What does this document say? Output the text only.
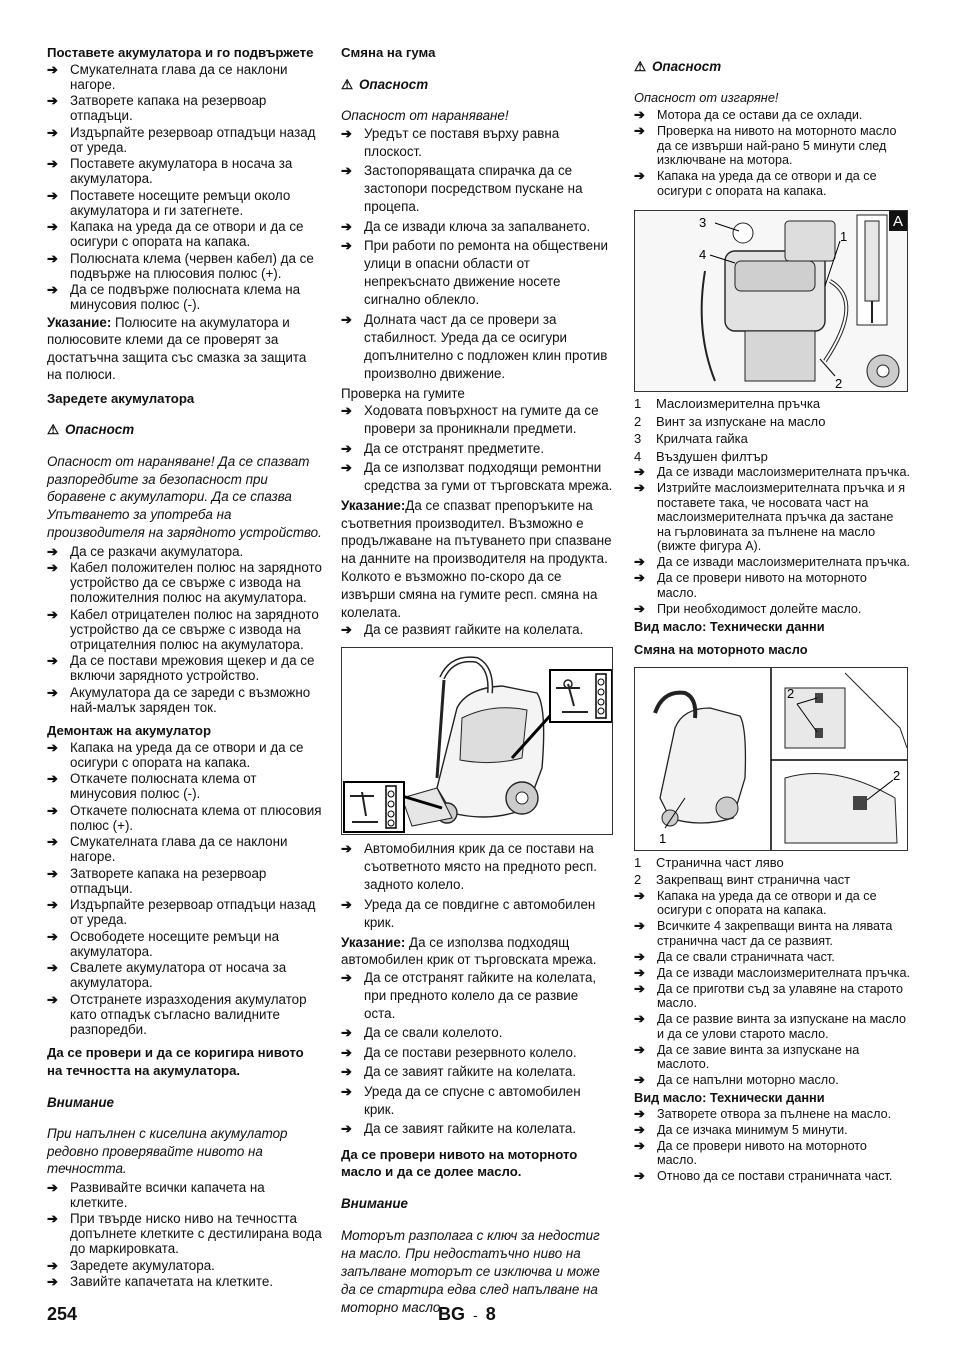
Поставете акумулатора и го подвържете

➔ Смукателната глава да се наклони нагоре.
➔ Затворете капака на резервоар отпадъци.
➔ Издърпайте резервоар отпадъци назад от уреда.
➔ Поставете акумулатора в носача за акумулатора.
➔ Поставете носещите ремъци около акумулатора и ги затегнете.
➔ Капака на уреда да се отвори и да се осигури с опората на капака.
➔ Полюсната клема (червен кабел) да се подвърже на плюсовия полюс (+).
➔ Да се подвърже полюсната клема на минусовия полюс (-).

Указание: Полюсите на акумулатора и полюсовите клеми да се проверят за достатъчна защита със смазка за защита на полюси.

Заредете акумулатора

⚠ Опасност

Опасност от нараняване! Да се спазват разпоредбите за безопасност при боравене с акумулатори. Да се спазва Упътването за употреба на производителя на зарядното устройство.

➔ Да се разкачи акумулатора.
➔ Кабел положителен полюс на зарядното устройство да се свърже с извода на положителния полюс на акумулатора.
➔ Кабел отрицателен полюс на зарядното устройство да се свърже с извода на отрицателния полюс на акумулатора.
➔ Да се постави мрежовия щекер и да се включи зарядното устройство.
➔ Акумулатора да се зареди с възможно най-малък заряден ток.

Демонтаж на акумулатор

➔ Капака на уреда да се отвори и да се осигури с опората на капака.
➔ Откачете полюсната клема от минусовия полюс (-).
➔ Откачете полюсната клема от плюсовия полюс (+).
➔ Смукателната глава да се наклони нагоре.
➔ Затворете капака на резервоар отпадъци.
➔ Издърпайте резервоар отпадъци назад от уреда.
➔ Освободете носещите ремъци на акумулатора.
➔ Свалете акумулатора от носача за акумулатора.
➔ Отстранете изразходения акумулатор като отпадък съгласно валидните разпоредби.

Да се провери и да се коригира нивото на течността на акумулатора.

Внимание

При напълнен с киселина акумулатор редовно проверявайте нивото на течността.

➔ Развивайте всички капачета на клетките.
➔ При твърде ниско ниво на течността допълнете клетките с дестилирана вода до маркировката.
➔ Заредете акумулатора.
➔ Завийте капачетата на клетките.

Смяна на гума

⚠ Опасност

Опасност от нараняване!

➔ Уредът се поставя върху равна плоскост.
➔ Застопоряващата спирачка да се застопори посредством пускане на процепа.
➔ Да се извади ключа за запалването.
➔ При работи по ремонта на обществени улици в опасни области от непрекъснато движение носете сигнално облекло.
➔ Долната част да се провери за стабилност. Уреда да се осигури допълнително с подложен клин против произволно движение.

Проверка на гумите

➔ Ходовата повърхност на гумите да се провери за проникнали предмети.
➔ Да се отстранят предметите.
➔ Да се използват подходящи ремонтни средства за гуми от търговската мрежа.

Указание:Да се спазват препоръките на съответния производител. Възможно е продължаване на пътуването при спазване на данните на производителя на продукта. Колкото е възможно по-скоро да се извърши смяна на гумите респ. смяна на колелата.

➔ Да се развият гайките на колелата.
➔ Автомобилния крик да се постави на съответното място на предното респ. задното колело.
➔ Уреда да се повдигне с автомобилен крик.

Указание: Да се използва подходящ автомобилен крик от търговската мрежа.

➔ Да се отстранят гайките на колелата, при предното колело да се развие оста.
➔ Да се свали колелото.
➔ Да се постави резервното колело.
➔ Да се завият гайките на колелата.
➔ Уреда да се спусне с автомобилен крик.
➔ Да се завият гайките на колелата.

Да се провери нивото на моторното масло и да се долее масло.

Внимание

Моторът разполага с ключ за недостиг на масло. При недостатъчно ниво на запълване моторът се изключва и може да се стартира едва след напълване на моторно масло.

⚠ Опасност

Опасност от изгаряне!

➔ Мотора да се остави да се охлади.
➔ Проверка на нивото на моторното масло да се извърши най-рано 5 минути след изключване на мотора.
➔ Капака на уреда да се отвори и да се осигури с опората на капака.
A
3
4
1
2
1 Маслоизмерителна пръчка
2 Винт за изпускане на масло
3 Крилчата гайка
4 Въздушен филтър
➔ Да се извади маслоизмерителната пръчка.
➔ Изтрийте маслоизмерителната пръчка и я поставете така, че носовата част на маслоизмерителната пръчка да застане на гърловината за пълнене на масло (вижте фигура А).
➔ Да се извади маслоизмерителната пръчка.
➔ Да се провери нивото на моторното масло.
➔ При необходимост долейте масло.

Вид масло: Технически данни

Смяна на моторното масло

1
2
2
1 Странична част ляво
2 Закрепващ винт странична част
➔ Капака на уреда да се отвори и да се осигури с опората на капака.
➔ Всичките 4 закрепващи винта на лявата странична част да се развият.
➔ Да се свали страничната част.
➔ Да се извади маслоизмерителната пръчка.
➔ Да се приготви съд за улавяне на старото масло.
➔ Да се развие винта за изпускане на масло и да се улови старото масло.
➔ Да се завие винта за изпускане на маслото.
➔ Да се напълни моторно масло.

Вид масло: Технически данни

➔ Затворете отвора за пълнене на масло.
➔ Да се изчака минимум 5 минути.
➔ Да се провери нивото на моторното масло.
➔ Отново да се постави страничната част.
254	BG - 8
